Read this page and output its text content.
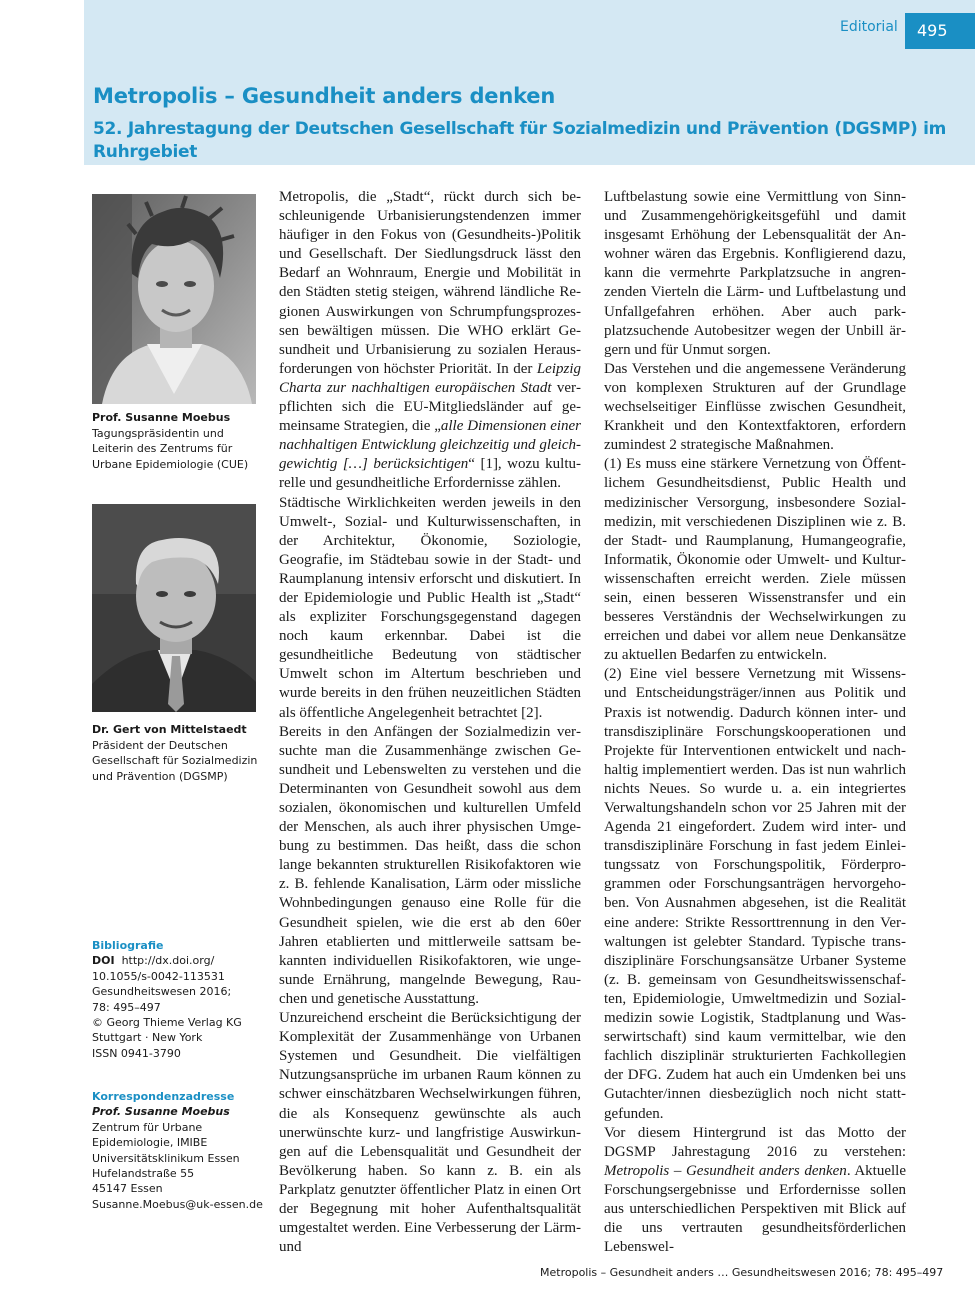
Editorial	495
Metropolis – Gesundheit anders denken
52. Jahrestagung der Deutschen Gesellschaft für Sozialmedizin und Prävention (DGSMP) im Ruhrgebiet
Prof. Susanne Moebus
Tagungspräsidentin und
Leiterin des Zentrums für
Urbane Epidemiologie (CUE)
Dr. Gert von Mittelstaedt
Präsident der Deutschen
Gesellschaft für Sozialmedizin
und Prävention (DGSMP)
Bibliografie
DOI http://dx.doi.org/
10.1055/s-0042-113531
Gesundheitswesen 2016;
78: 495–497
© Georg Thieme Verlag KG
Stuttgart · New York
ISSN 0941-3790
Korrespondenzadresse
Prof. Susanne Moebus
Zentrum für Urbane
Epidemiologie, IMIBE
Universitätsklinikum Essen
Hufelandstraße 55
45147 Essen
Susanne.Moebus@uk-essen.de

Metropolis, die „Stadt“, rückt durch sich beschleunigende Urbanisierungstendenzen immer häufiger in den Fokus von (Gesundheits-)Politik und Gesellschaft. Der Siedlungsdruck lässt den Bedarf an Wohnraum, Energie und Mobilität in den Städten stetig steigen, während ländliche Regionen Auswirkungen von Schrumpfungsprozessen bewältigen müssen. Die WHO erklärt Gesundheit und Urbanisierung zu sozialen Herausforderungen von höchster Priorität. In der Leipzig Charta zur nachhaltigen europäischen Stadt verpflichten sich die EU-Mitgliedsländer auf gemeinsame Strategien, die „alle Dimensionen einer nachhaltigen Entwicklung gleichzeitig und gleichgewichtig […] berücksichtigen“ [1], wozu kulturelle und gesundheitliche Erfordernisse zählen.

Städtische Wirklichkeiten werden jeweils in den Umwelt-, Sozial- und Kulturwissenschaften, in der Architektur, Ökonomie, Soziologie, Geografie, im Städtebau sowie in der Stadt- und Raumplanung intensiv erforscht und diskutiert. In der Epidemiologie und Public Health ist „Stadt“ als expliziter Forschungsgegenstand dagegen noch kaum erkennbar. Dabei ist die gesundheitliche Bedeutung von städtischer Umwelt schon im Altertum beschrieben und wurde bereits in den frühen neuzeitlichen Städten als öffentliche Angelegenheit betrachtet [2].

Bereits in den Anfängen der Sozialmedizin versuchte man die Zusammenhänge zwischen Gesundheit und Lebenswelten zu verstehen und die Determinanten von Gesundheit sowohl aus dem sozialen, ökonomischen und kulturellen Umfeld der Menschen, als auch ihrer physischen Umgebung zu bestimmen. Das heißt, dass die schon lange bekannten strukturellen Risikofaktoren wie z. B. fehlende Kanalisation, Lärm oder missliche Wohnbedingungen genauso eine Rolle für die Gesundheit spielen, wie die erst ab den 60er Jahren etablierten und mittlerweile sattsam bekannten individuellen Risikofaktoren, wie ungesunde Ernährung, mangelnde Bewegung, Rauchen und genetische Ausstattung.

Unzureichend erscheint die Berücksichtigung der Komplexität der Zusammenhänge von Urbanen Systemen und Gesundheit. Die vielfältigen Nutzungsansprüche im urbanen Raum können zu schwer einschätzbaren Wechselwirkungen führen, die als Konsequenz gewünschte als auch unerwünschte kurz- und langfristige Auswirkungen auf die Lebensqualität und Gesundheit der Bevölkerung haben. So kann z. B. ein als Parkplatz genutzter öffentlicher Platz in einen Ort der Begegnung mit hoher Aufenthaltsqualität umgestaltet werden. Eine Verbesserung der Lärm- und

Luftbelastung sowie eine Vermittlung von Sinn- und Zusammengehörigkeitsgefühl und damit insgesamt Erhöhung der Lebensqualität der Anwohner wären das Ergebnis. Konfligierend dazu, kann die vermehrte Parkplatzsuche in angrenzenden Vierteln die Lärm- und Luftbelastung und Unfallgefahren erhöhen. Aber auch parkplatzsuchende Autobesitzer wegen der Unbill ärgern und für Unmut sorgen.

Das Verstehen und die angemessene Veränderung von komplexen Strukturen auf der Grundlage wechselseitiger Einflüsse zwischen Gesundheit, Krankheit und den Kontextfaktoren, erfordern zumindest 2 strategische Maßnahmen.

(1) Es muss eine stärkere Vernetzung von Öffentlichem Gesundheitsdienst, Public Health und medizinischer Versorgung, insbesondere Sozialmedizin, mit verschiedenen Disziplinen wie z. B. der Stadt- und Raumplanung, Humangeografie, Informatik, Ökonomie oder Umwelt- und Kulturwissenschaften erreicht werden. Ziele müssen sein, einen besseren Wissenstransfer und ein besseres Verständnis der Wechselwirkungen zu erreichen und dabei vor allem neue Denkansätze zu aktuellen Bedarfen zu entwickeln.

(2) Eine viel bessere Vernetzung mit Wissens- und Entscheidungsträger/innen aus Politik und Praxis ist notwendig. Dadurch können inter- und transdisziplinäre Forschungskooperationen und Projekte für Interventionen entwickelt und nachhaltig implementiert werden. Das ist nun wahrlich nichts Neues. So wurde u. a. ein integriertes Verwaltungshandeln schon vor 25 Jahren mit der Agenda 21 eingefordert. Zudem wird inter- und transdisziplinäre Forschung in fast jedem Einleitungssatz von Forschungspolitik, Förderprogrammen oder Forschungsanträgen hervorgehoben. Von Ausnahmen abgesehen, ist die Realität eine andere: Strikte Ressorttrennung in den Verwaltungen ist gelebter Standard. Typische transdisziplinäre Forschungsansätze Urbaner Systeme (z. B. gemeinsam von Gesundheitswissenschaften, Epidemiologie, Umweltmedizin und Sozialmedizin sowie Logistik, Stadtplanung und Wasserwirtschaft) sind kaum vermittelbar, wie den fachlich disziplinär strukturierten Fachkollegien der DFG. Zudem hat auch ein Umdenken bei uns Gutachter/innen diesbezüglich noch nicht stattgefunden.

Vor diesem Hintergrund ist das Motto der DGSMP Jahrestagung 2016 zu verstehen: Metropolis – Gesundheit anders denken. Aktuelle Forschungsergebnisse und Erfordernisse sollen aus unterschiedlichen Perspektiven mit Blick auf die uns vertrauten gesundheitsförderlichen Lebenswel-

Metropolis – Gesundheit anders … Gesundheitswesen 2016; 78: 495–497
